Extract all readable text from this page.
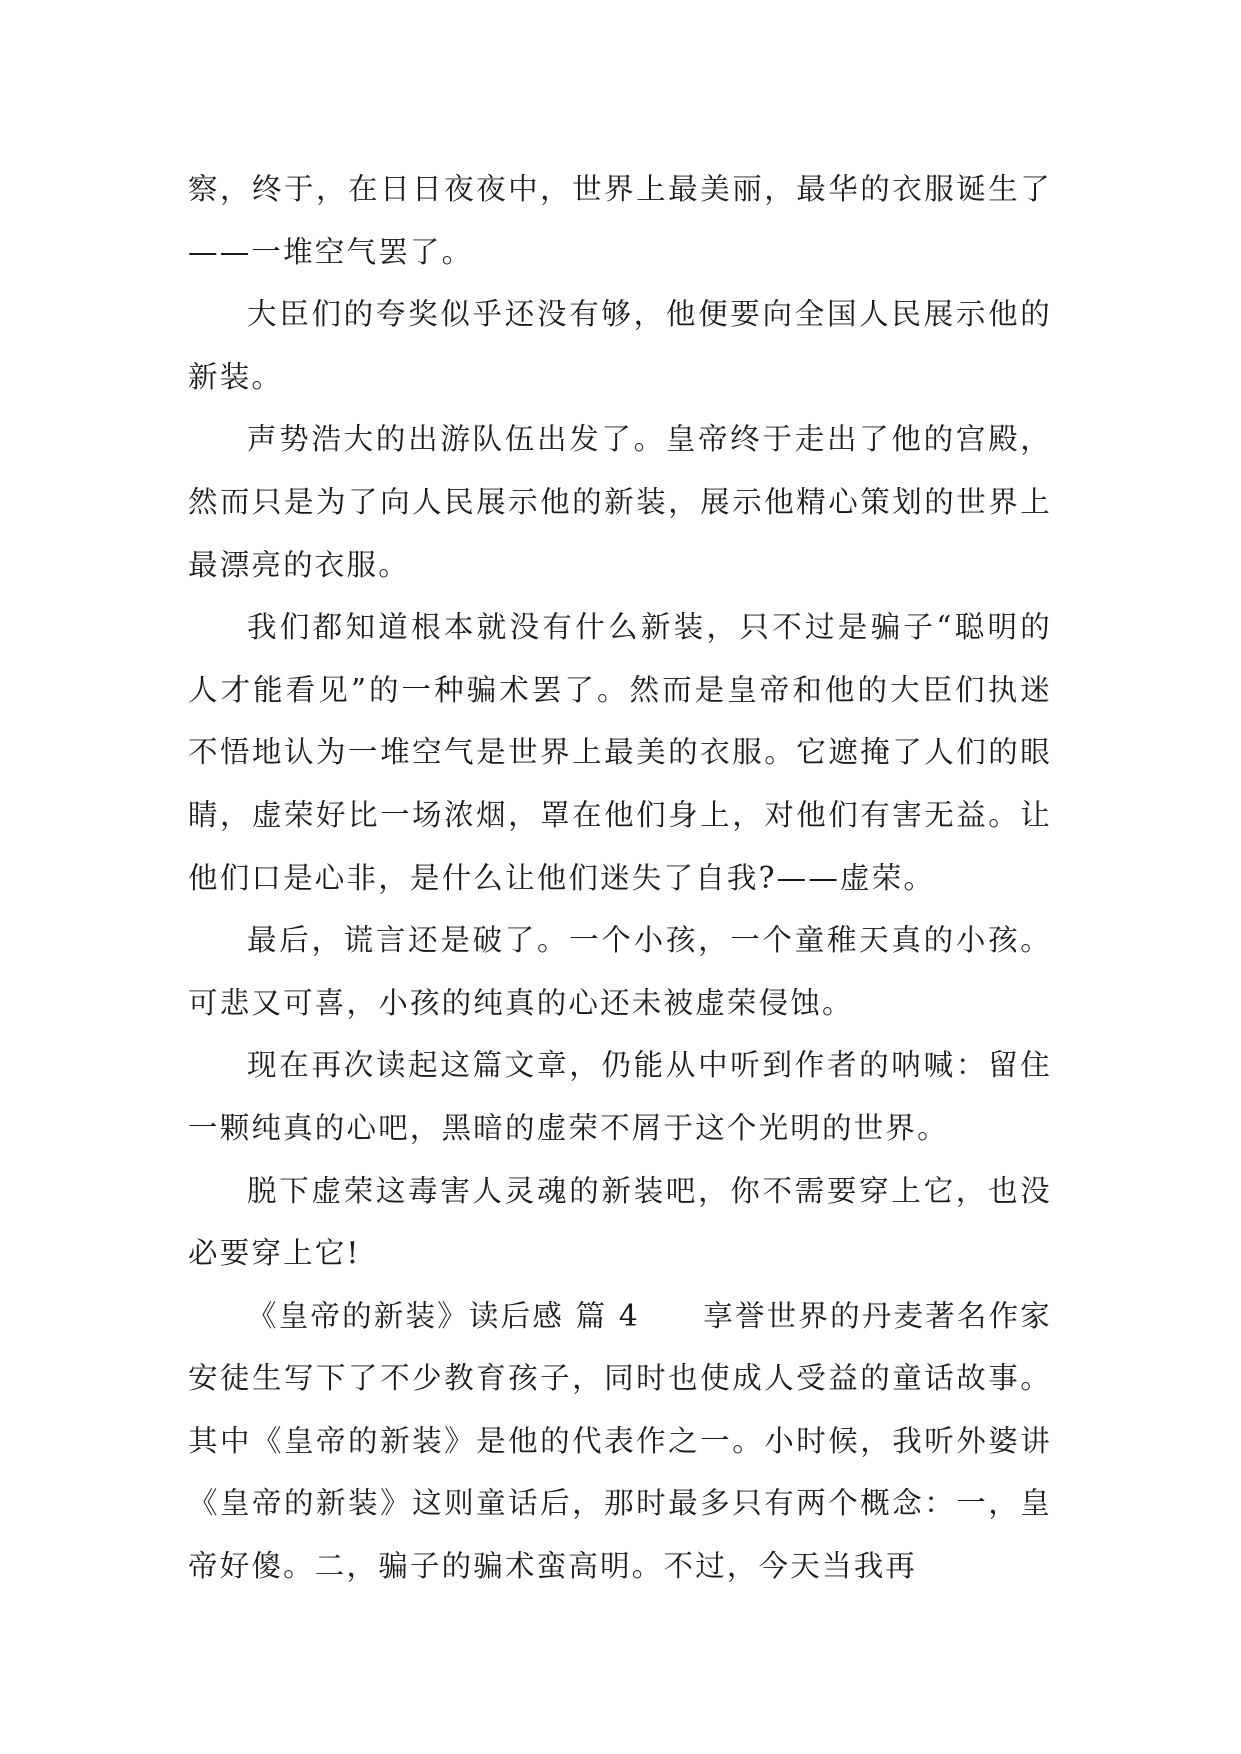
察，终于，在日日夜夜中，世界上最美丽，最华的衣服诞生了——一堆空气罢了。

大臣们的夸奖似乎还没有够，他便要向全国人民展示他的新装。

声势浩大的出游队伍出发了。皇帝终于走出了他的宫殿，然而只是为了向人民展示他的新装，展示他精心策划的世界上最漂亮的衣服。

我们都知道根本就没有什么新装，只不过是骗子“聪明的人才能看见”的一种骗术罢了。然而是皇帝和他的大臣们执迷不悟地认为一堆空气是世界上最美的衣服。它遮掩了人们的眼睛，虚荣好比一场浓烟，罩在他们身上，对他们有害无益。让他们口是心非，是什么让他们迷失了自我?——虚荣。

最后，谎言还是破了。一个小孩，一个童稚天真的小孩。可悲又可喜，小孩的纯真的心还未被虚荣侵蚀。

现在再次读起这篇文章，仍能从中听到作者的呐喊：留住一颗纯真的心吧，黑暗的虚荣不屑于这个光明的世界。

脱下虚荣这毒害人灵魂的新装吧，你不需要穿上它，也没必要穿上它!

《皇帝的新装》读后感 篇 4　　享誉世界的丹麦著名作家安徒生写下了不少教育孩子，同时也使成人受益的童话故事。其中《皇帝的新装》是他的代表作之一。小时候，我听外婆讲《皇帝的新装》这则童话后，那时最多只有两个概念：一，皇帝好傻。二，骗子的骗术蛮高明。不过，今天当我再
